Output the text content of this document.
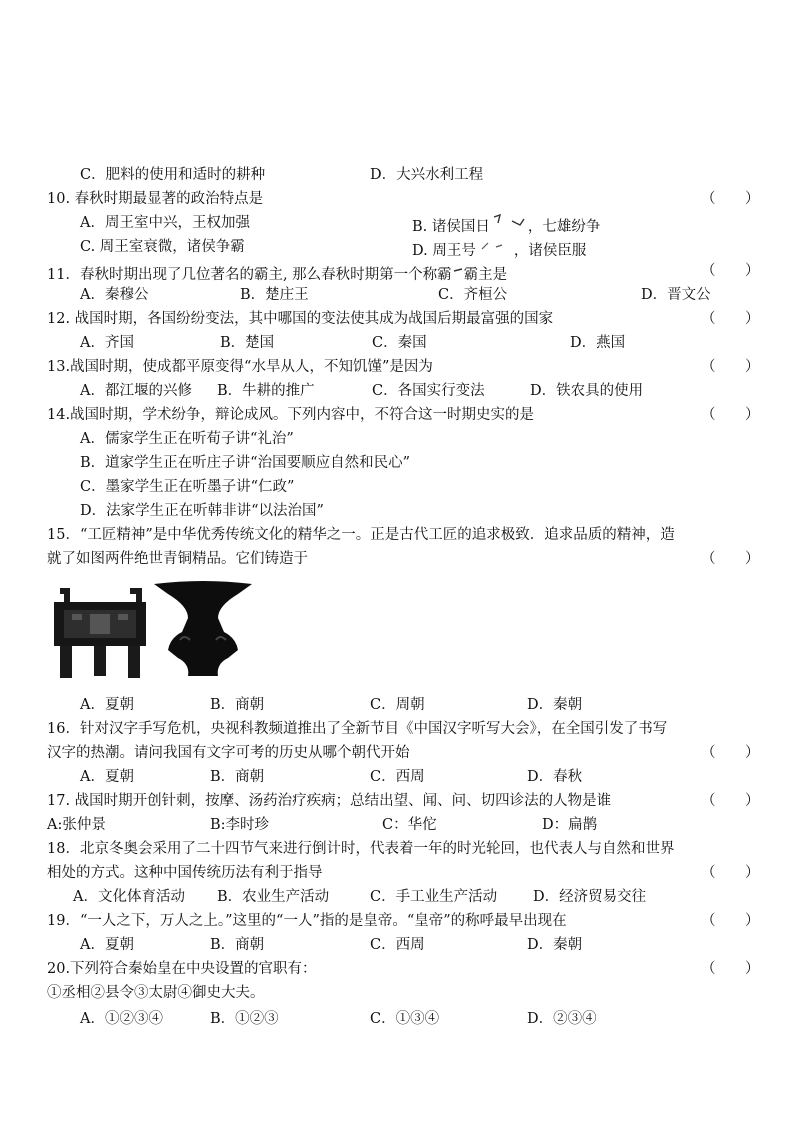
C．肥料的使用和适时的耕种	D．大兴水利工程
10. 春秋时期最显著的政治特点是	（ ）
A．周王室中兴，王权加强	B. 诸侯国日	，七雄纷争
C. 周王室衰微，诸侯争霸	D. 周王号	，诸侯臣服
11．春秋时期出现了几位著名的霸主, 那么春秋时期第一个称霸 霸主是	（ ）
A．秦穆公	B．楚庄王	C．齐桓公	D．晋文公
12. 战国时期，各国纷纷变法，其中哪国的变法使其成为战国后期最富强的国家	（ ）
A．齐国	B．楚国	C．秦国	D．燕国
13.战国时期，使成都平原变得“水旱从人，不知饥馑”是因为	（ ）
A．都江堰的兴修 B．牛耕的推广	C．各国实行变法	D．铁农具的使用
14.战国时期，学术纷争，辩论成风。下列内容中，不符合这一时期史实的是	（ ）
A．儒家学生正在听荀子讲“礼治”
B．道家学生正在听庄子讲“治国要顺应自然和民心”
C．墨家学生正在听墨子讲“仁政”
D．法家学生正在听韩非讲“以法治国”
15．“工匠精神”是中华优秀传统文化的精华之一。正是古代工匠的追求极致．追求品质的精神，造
就了如图两件绝世青铜精品。它们铸造于	（ ）
A．夏朝	B．商朝	C．周朝	D．秦朝
16．针对汉字手写危机，央视科教频道推出了全新节目《中国汉字听写大会》，在全国引发了书写
汉字的热潮。请问我国有文字可考的历史从哪个朝代开始	（ ）
A．夏朝	B．商朝	C．西周	D．春秋
17. 战国时期开创针刺，按摩、汤药治疗疾病；总结出望、闻、问、切四诊法的人物是谁	（ ）
A:张仲景	B:李时珍	C：华佗	D：扁鹊
18．北京冬奥会采用了二十四节气来进行倒计时，代表着一年的时光轮回，也代表人与自然和世界
相处的方式。这种中国传统历法有利于指导	（ ）
A．文化体育活动 B．农业生产活动	C．手工业生产活动 D．经济贸易交往
19．“一人之下，万人之上。”这里的“一人”指的是皇帝。“皇帝”的称呼最早出现在	（ ）
A．夏朝	B．商朝	C．西周	D．秦朝
20.下列符合秦始皇在中央设置的官职有：	（ ）
①丞相②县令③太尉④御史大夫。
A．①②③④	B．①②③	C．①③④	D．②③④
